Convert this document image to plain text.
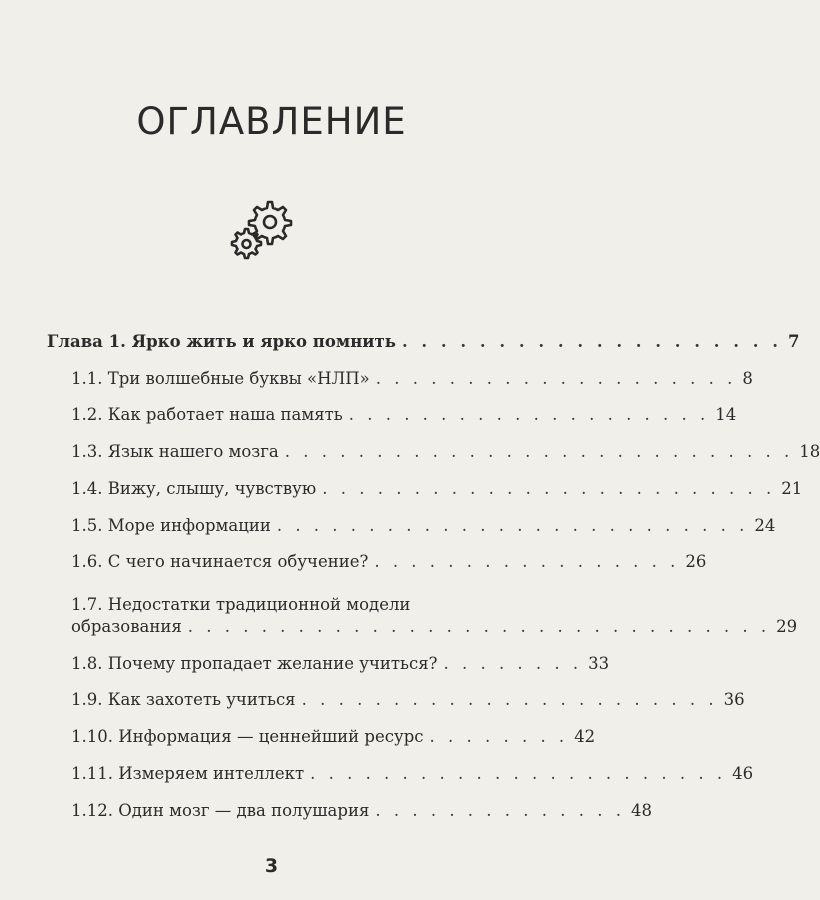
ОГЛАВЛЕНИЕ
Глава 1. Ярко жить и ярко помнить . . . . . . . . . . . . . . . . . . . . 7
1.1. Три волшебные буквы «НЛП» . . . . . . . . . . . . . . . . . . . . 8
1.2. Как работает наша память . . . . . . . . . . . . . . . . . . . . 14
1.3. Язык нашего мозга . . . . . . . . . . . . . . . . . . . . . . . . . . . . 18
1.4. Вижу, слышу, чувствую . . . . . . . . . . . . . . . . . . . . . . . . . 21
1.5. Море информации . . . . . . . . . . . . . . . . . . . . . . . . . . 24
1.6. С чего начинается обучение? . . . . . . . . . . . . . . . . . 26
1.7. Недостатки традиционной модели
образования . . . . . . . . . . . . . . . . . . . . . . . . . . . . . . . . 29
1.8. Почему пропадает желание учиться? . . . . . . . . 33
1.9. Как захотеть учиться . . . . . . . . . . . . . . . . . . . . . . . 36
1.10. Информация — ценнейший ресурс . . . . . . . . 42
1.11. Измеряем интеллект . . . . . . . . . . . . . . . . . . . . . . . 46
1.12. Один мозг — два полушария . . . . . . . . . . . . . . 48
3
